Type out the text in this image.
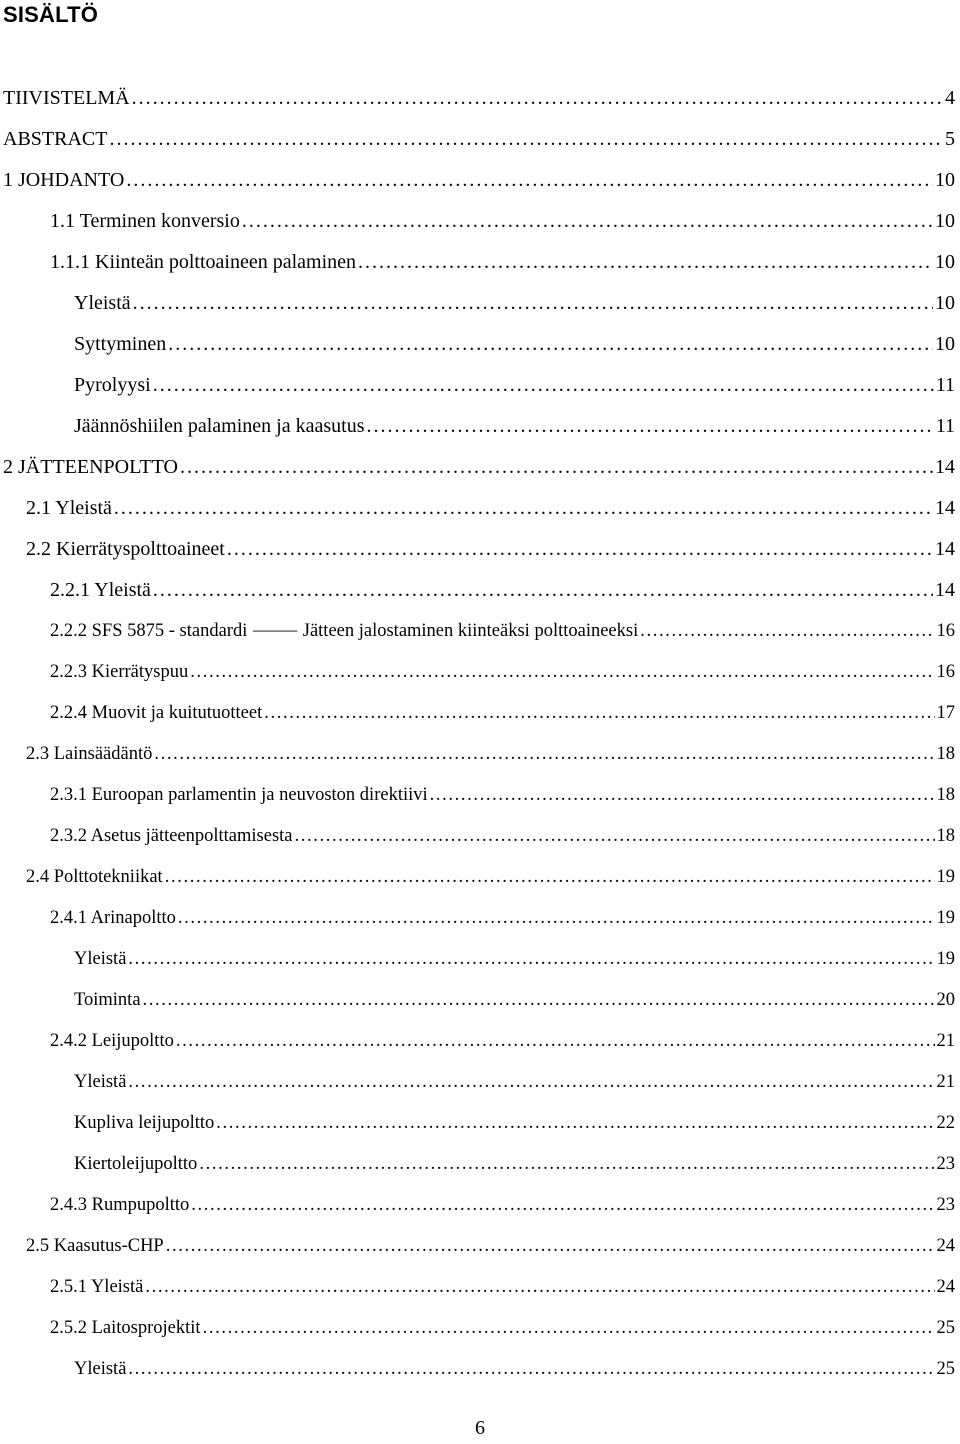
SISÄLTÖ
TIIVISTELMÄ . . .	4
ABSTRACT . . .	5
1 JOHDANTO . . .	10
1.1 Terminen konversio . . .	10
1.1.1 Kiinteän polttoaineen palaminen . . .	10
Yleistä . . .	10
Syttyminen . . .	10
Pyrolyysi . . .	11
Jäännöshiilen palaminen ja kaasutus . . .	11
2 JÄTTEENPOLTTO . . .	14
2.1 Yleistä . . .	14
2.2 Kierrätyspolttoaineet . . .	14
2.2.1 Yleistä . . .	14
2.2.2 SFS 5875 - standardi ⸻ Jätteen jalostaminen kiinteäksi polttoaineeksi . . .	16
2.2.3 Kierrätyspuu . . .	16
2.2.4 Muovit ja kuitutuotteet . . .	17
2.3 Lainsäädäntö . . .	18
2.3.1 Euroopan parlamentin ja neuvoston direktiivi . . .	18
2.3.2 Asetus jätteenpolttamisesta . . .	18
2.4 Polttotekniikat . . .	19
2.4.1 Arinapoltto . . .	19
Yleistä . . .	19
Toiminta . . .	20
2.4.2 Leijupoltto . . .	21
Yleistä . . .	21
Kupliva leijupoltto . . .	22
Kiertoleijupoltto . . .	23
2.4.3 Rumpupoltto . . .	23
2.5 Kaasutus-CHP . . .	24
2.5.1 Yleistä . . .	24
2.5.2 Laitosprojektit . . .	25
Yleistä . . .	25
6
